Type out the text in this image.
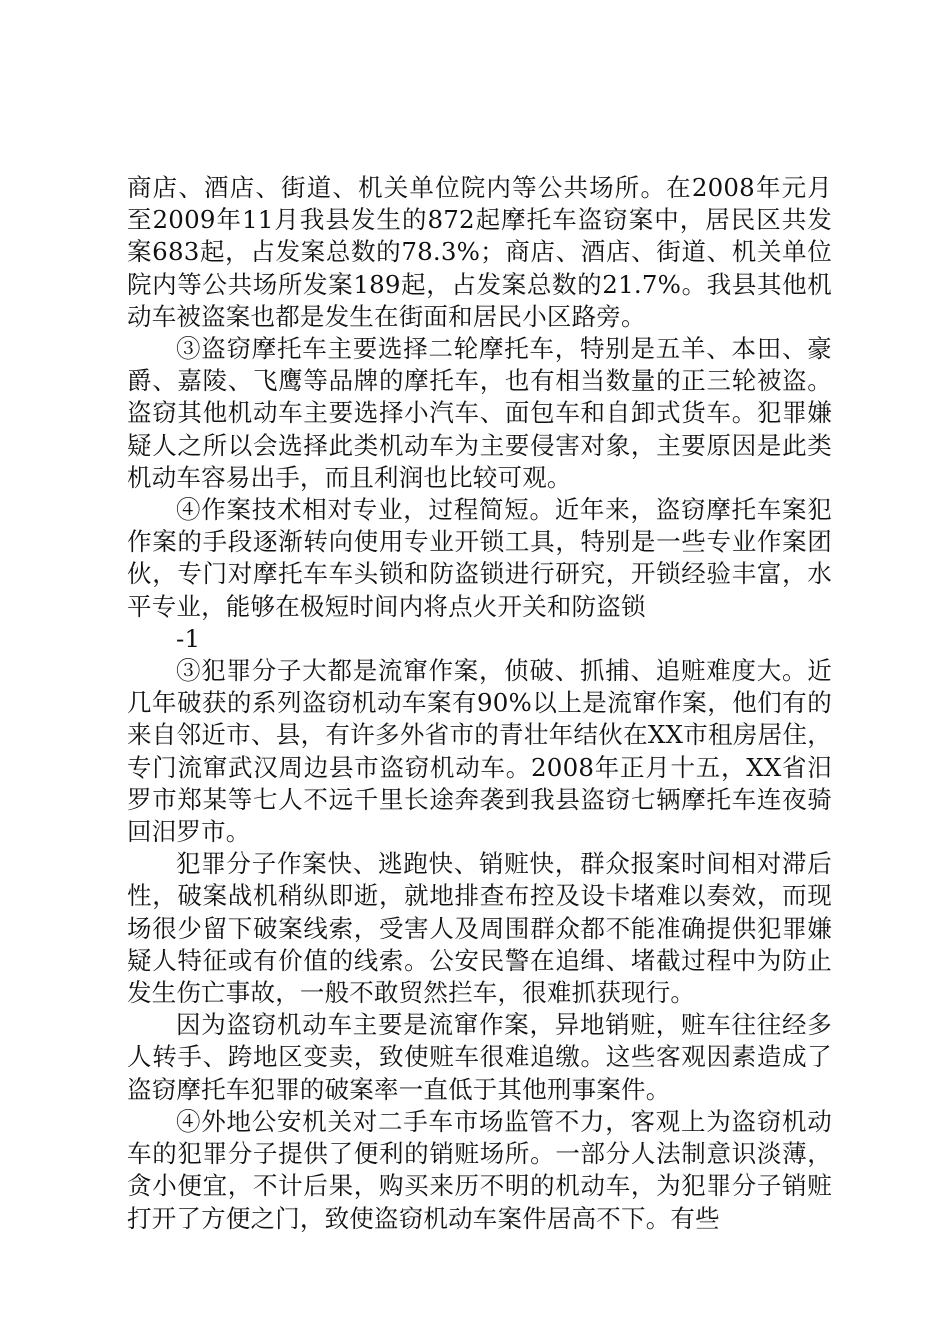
商店、酒店、街道、机关单位院内等公共场所。在2008年元月至2009年11月我县发生的872起摩托车盗窃案中，居民区共发案683起，占发案总数的78.3%；商店、酒店、街道、机关单位院内等公共场所发案189起，占发案总数的21.7%。我县其他机动车被盗案也都是发生在街面和居民小区路旁。

③盗窃摩托车主要选择二轮摩托车，特别是五羊、本田、豪爵、嘉陵、飞鹰等品牌的摩托车，也有相当数量的正三轮被盗。盗窃其他机动车主要选择小汽车、面包车和自卸式货车。犯罪嫌疑人之所以会选择此类机动车为主要侵害对象，主要原因是此类机动车容易出手，而且利润也比较可观。

④作案技术相对专业，过程简短。近年来，盗窃摩托车案犯作案的手段逐渐转向使用专业开锁工具，特别是一些专业作案团伙，专门对摩托车车头锁和防盗锁进行研究，开锁经验丰富，水平专业，能够在极短时间内将点火开关和防盗锁

-1

③犯罪分子大都是流窜作案，侦破、抓捕、追赃难度大。近几年破获的系列盗窃机动车案有90%以上是流窜作案，他们有的来自邻近市、县，有许多外省市的青壮年结伙在XX市租房居住，专门流窜武汉周边县市盗窃机动车。2008年正月十五，XX省汨罗市郑某等七人不远千里长途奔袭到我县盗窃七辆摩托车连夜骑回汨罗市。

犯罪分子作案快、逃跑快、销赃快，群众报案时间相对滞后性，破案战机稍纵即逝，就地排查布控及设卡堵难以奏效，而现场很少留下破案线索，受害人及周围群众都不能准确提供犯罪嫌疑人特征或有价值的线索。公安民警在追缉、堵截过程中为防止发生伤亡事故，一般不敢贸然拦车，很难抓获现行。

因为盗窃机动车主要是流窜作案，异地销赃，赃车往往经多人转手、跨地区变卖，致使赃车很难追缴。这些客观因素造成了盗窃摩托车犯罪的破案率一直低于其他刑事案件。

④外地公安机关对二手车市场监管不力，客观上为盗窃机动车的犯罪分子提供了便利的销赃场所。一部分人法制意识淡薄，贪小便宜，不计后果，购买来历不明的机动车，为犯罪分子销赃打开了方便之门，致使盗窃机动车案件居高不下。有些
